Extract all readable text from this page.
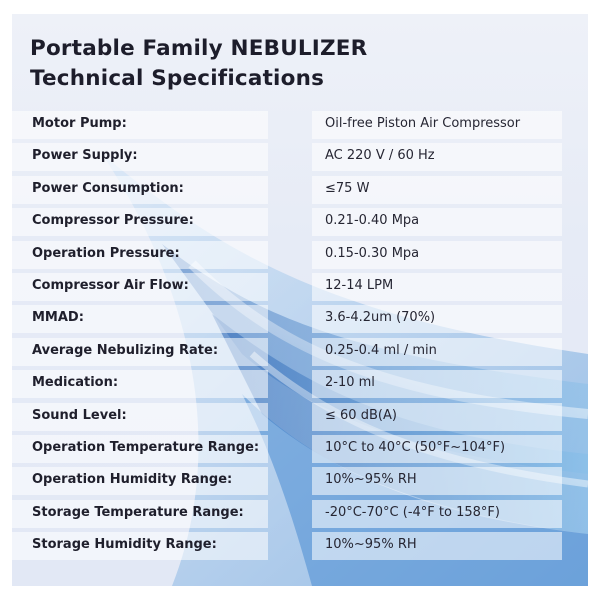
Portable Family NEBULIZER
Technical Specifications
Motor Pump:	Oil-free Piston Air Compressor
Power Supply:	AC 220 V / 60 Hz
Power Consumption:	≤75 W
Compressor Pressure:	0.21-0.40 Mpa
Operation Pressure:	0.15-0.30 Mpa
Compressor Air Flow:	12-14 LPM
MMAD:	3.6-4.2um (70%)
Average Nebulizing Rate:	0.25-0.4 ml / min
Medication:	2-10 ml
Sound Level:	≤ 60 dB(A)
Operation Temperature Range:	10°C to 40°C (50°F~104°F)
Operation Humidity Range:	10%~95% RH
Storage Temperature Range:	-20°C-70°C (-4°F to 158°F)
Storage Humidity Range:	10%~95% RH
